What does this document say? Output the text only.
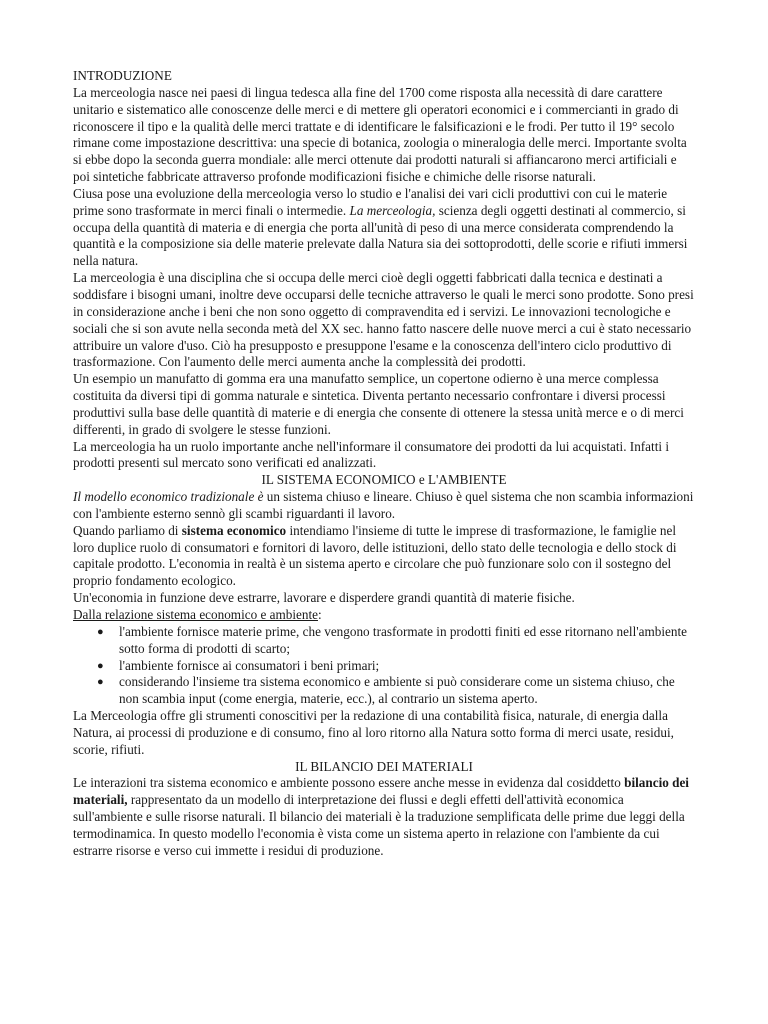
INTRODUZIONE

La merceologia nasce nei paesi di lingua tedesca alla fine del 1700 come risposta alla necessità di dare carattere unitario e sistematico alle conoscenze delle merci e di mettere gli operatori economici e i commercianti in grado di riconoscere il tipo e la qualità delle merci trattate e di identificare le falsificazioni e le frodi. Per tutto il 19° secolo rimane come impostazione descrittiva: una specie di botanica, zoologia o mineralogia delle merci. Importante svolta si ebbe dopo la seconda guerra mondiale: alle merci ottenute dai prodotti naturali si affiancarono merci artificiali e poi sintetiche fabbricate attraverso profonde modificazioni fisiche e chimiche delle risorse naturali.

Ciusa pose una evoluzione della merceologia verso lo studio e l'analisi dei vari cicli produttivi con cui le materie prime sono trasformate in merci finali o intermedie. La merceologia, scienza degli oggetti destinati al commercio, si occupa della quantità di materia e di energia che porta all'unità di peso di una merce considerata comprendendo la quantità e la composizione sia delle materie prelevate dalla Natura sia dei sottoprodotti, delle scorie e rifiuti immersi nella natura.

La merceologia è una disciplina che si occupa delle merci cioè degli oggetti fabbricati dalla tecnica e destinati a soddisfare i bisogni umani, inoltre deve occuparsi delle tecniche attraverso le quali le merci sono prodotte. Sono presi in considerazione anche i beni che non sono oggetto di compravendita ed i servizi. Le innovazioni tecnologiche e sociali che si son avute nella seconda metà del XX sec. hanno fatto nascere delle nuove merci a cui è stato necessario attribuire un valore d'uso. Ciò ha presupposto e presuppone l'esame e la conoscenza dell'intero ciclo produttivo di trasformazione. Con l'aumento delle merci aumenta anche la complessità dei prodotti.

Un esempio un manufatto di gomma era una manufatto semplice, un copertone odierno è una merce complessa costituita da diversi tipi di gomma naturale e sintetica. Diventa pertanto necessario confrontare i diversi processi produttivi sulla base delle quantità di materie e di energia che consente di ottenere la stessa unità merce e o di merci differenti, in grado di svolgere le stesse funzioni.

La merceologia ha un ruolo importante anche nell'informare il consumatore dei prodotti da lui acquistati. Infatti i prodotti presenti sul mercato sono verificati ed analizzati.

IL SISTEMA ECONOMICO e L'AMBIENTE

Il modello economico tradizionale è un sistema chiuso e lineare. Chiuso è quel sistema che non scambia informazioni con l'ambiente esterno sennò gli scambi riguardanti il lavoro.

Quando parliamo di sistema economico intendiamo l'insieme di tutte le imprese di trasformazione, le famiglie nel loro duplice ruolo di consumatori e fornitori di lavoro, delle istituzioni, dello stato delle tecnologia e dello stock di capitale prodotto. L'economia in realtà è un sistema aperto e circolare che può funzionare solo con il sostegno del proprio fondamento ecologico.

Un'economia in funzione deve estrarre, lavorare e disperdere grandi quantità di materie fisiche.

Dalla relazione sistema economico e ambiente:

● l'ambiente fornisce materie prime, che vengono trasformate in prodotti finiti ed esse ritornano nell'ambiente sotto forma di prodotti di scarto;
● l'ambiente fornisce ai consumatori i beni primari;
● considerando l'insieme tra sistema economico e ambiente si può considerare come un sistema chiuso, che non scambia input (come energia, materie, ecc.), al contrario un sistema aperto.

La Merceologia offre gli strumenti conoscitivi per la redazione di una contabilità fisica, naturale, di energia dalla Natura, ai processi di produzione e di consumo, fino al loro ritorno alla Natura sotto forma di merci usate, residui, scorie, rifiuti.

IL BILANCIO DEI MATERIALI

Le interazioni tra sistema economico e ambiente possono essere anche messe in evidenza dal cosiddetto bilancio dei materiali, rappresentato da un modello di interpretazione dei flussi e degli effetti dell'attività economica sull'ambiente e sulle risorse naturali. Il bilancio dei materiali è la traduzione semplificata delle prime due leggi della termodinamica. In questo modello l'economia è vista come un sistema aperto in relazione con l'ambiente da cui estrarre risorse e verso cui immette i residui di produzione.
